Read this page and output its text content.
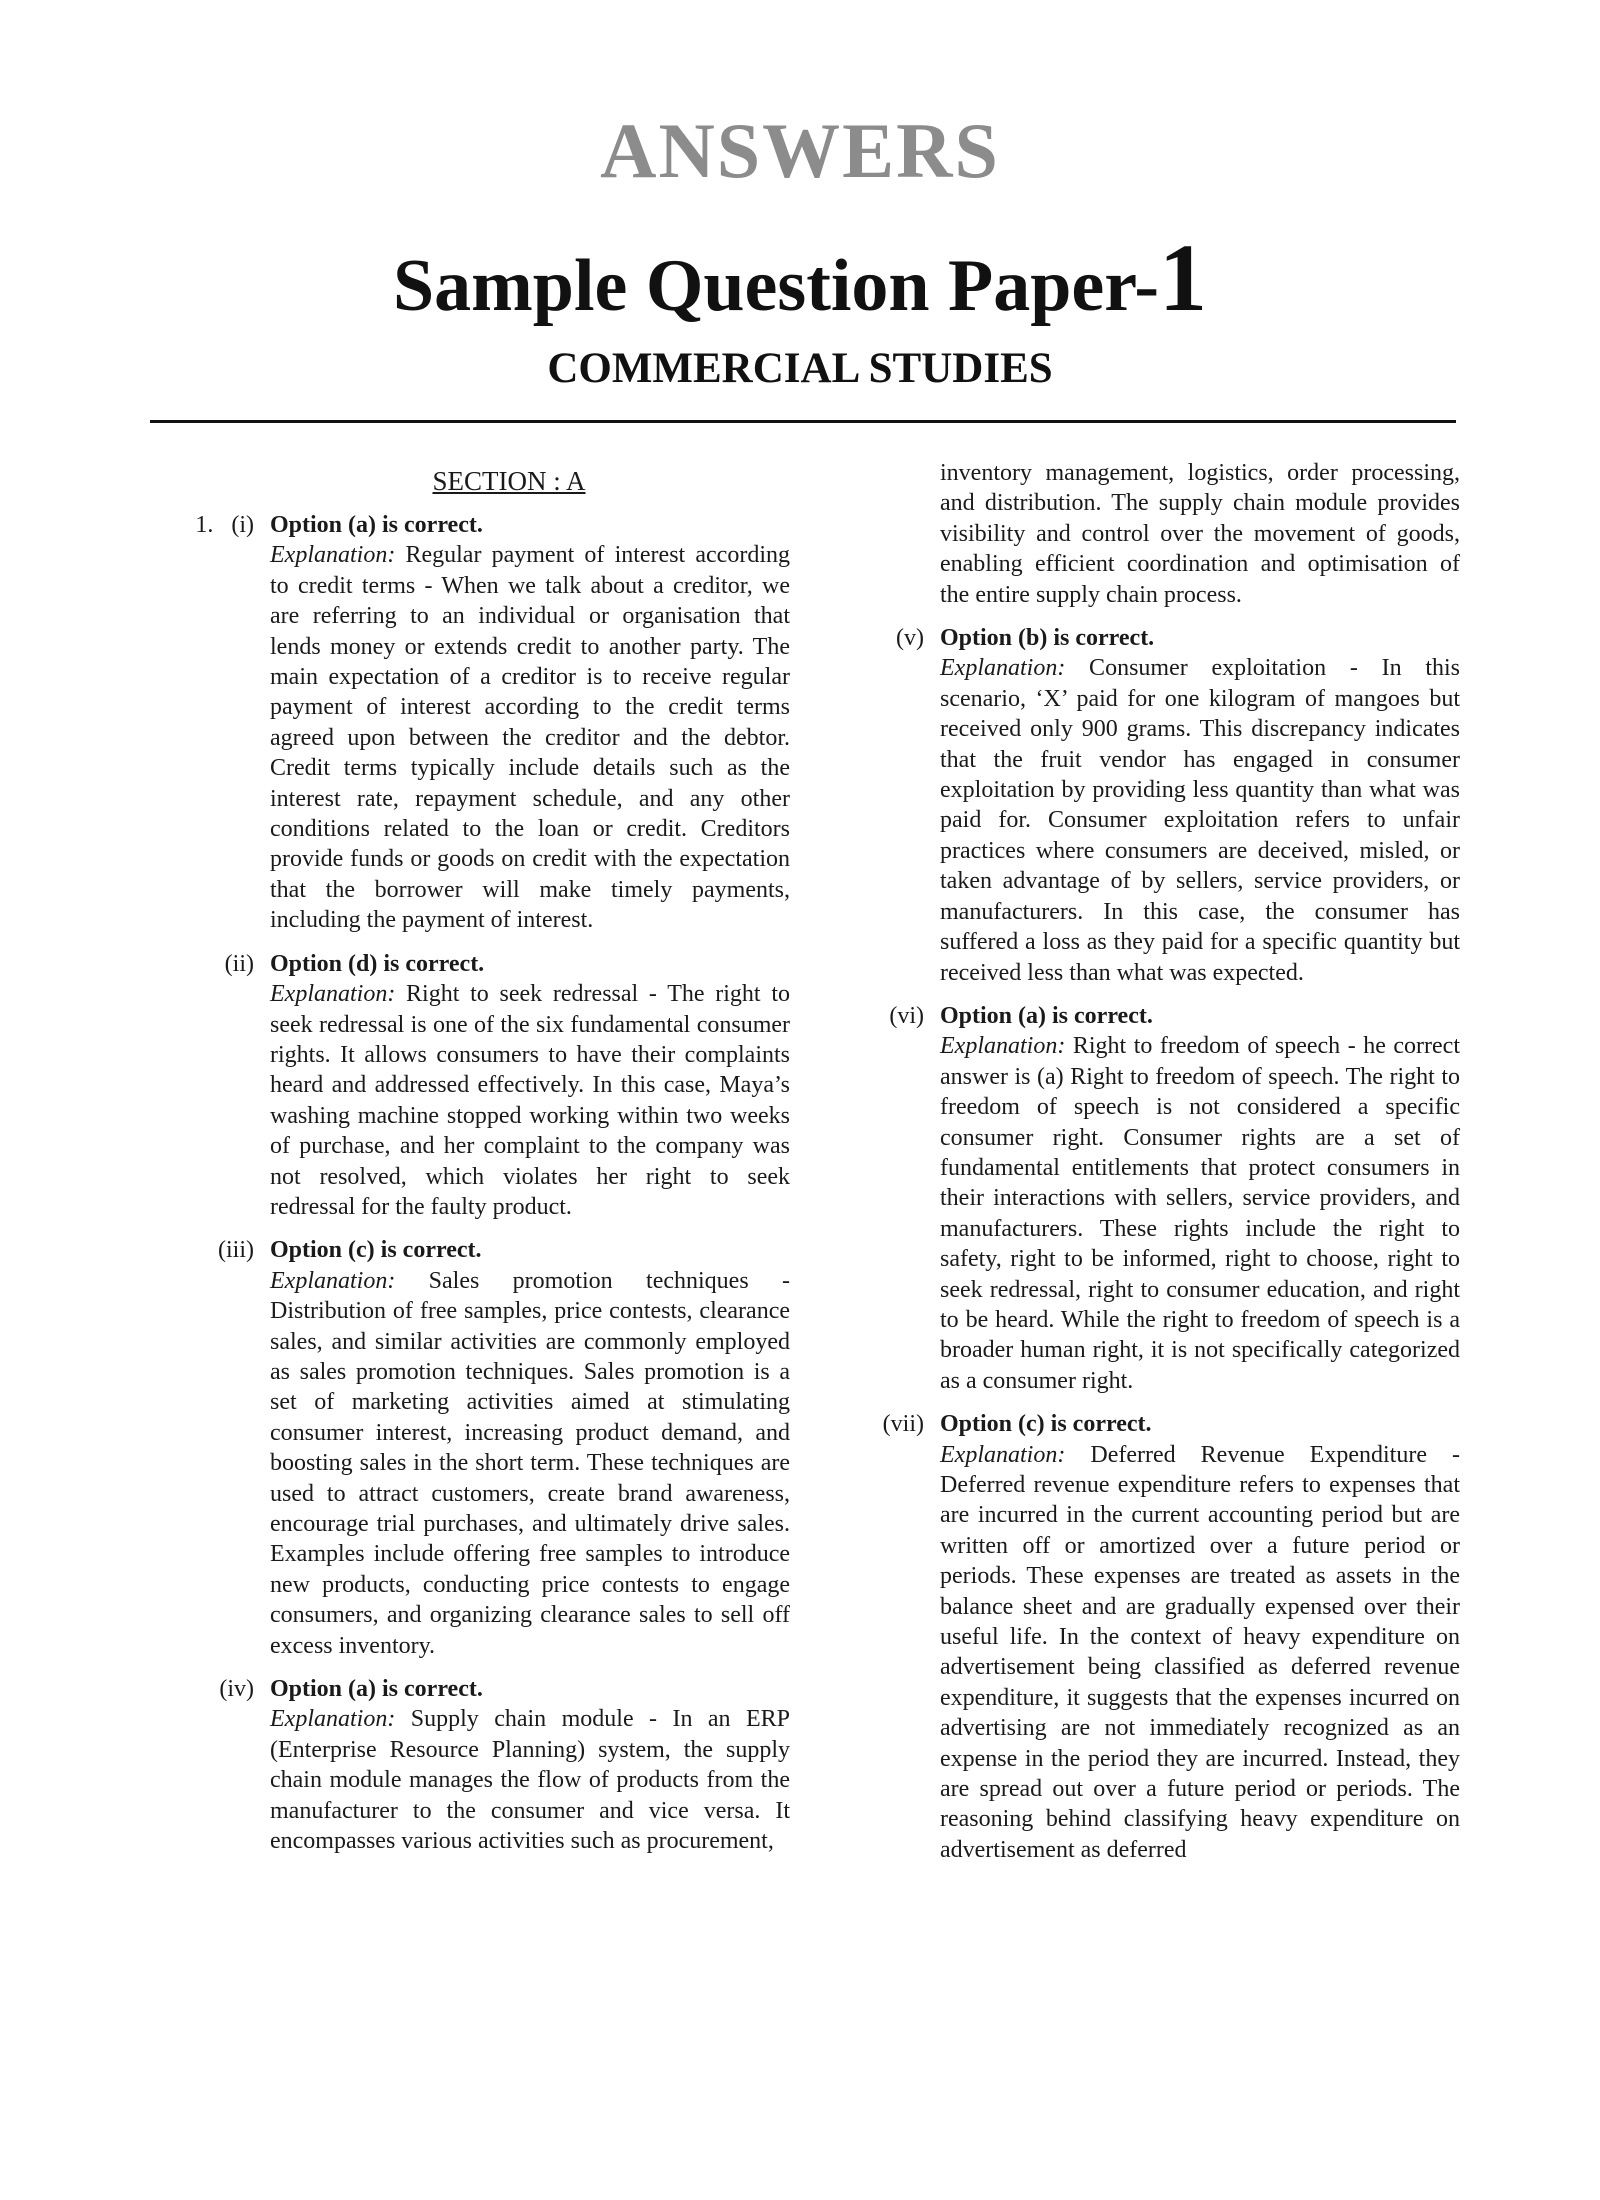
ANSWERS
Sample Question Paper-1
COMMERCIAL STUDIES
SECTION : A
1.   (i) Option (a) is correct.
Explanation: Regular payment of interest according to credit terms - When we talk about a creditor, we are referring to an individual or organisation that lends money or extends credit to another party. The main expectation of a creditor is to receive regular payment of interest according to the credit terms agreed upon between the creditor and the debtor. Credit terms typically include details such as the interest rate, repayment schedule, and any other conditions related to the loan or credit. Creditors provide funds or goods on credit with the expectation that the borrower will make timely payments, including the payment of interest.
(ii) Option (d) is correct.
Explanation: Right to seek redressal - The right to seek redressal is one of the six fundamental consumer rights. It allows consumers to have their complaints heard and addressed effectively. In this case, Maya’s washing machine stopped working within two weeks of purchase, and her complaint to the company was not resolved, which violates her right to seek redressal for the faulty product.
(iii) Option (c) is correct.
Explanation: Sales promotion techniques - Distribution of free samples, price contests, clearance sales, and similar activities are commonly employed as sales promotion techniques. Sales promotion is a set of marketing activities aimed at stimulating consumer interest, increasing product demand, and boosting sales in the short term. These techniques are used to attract customers, create brand awareness, encourage trial purchases, and ultimately drive sales. Examples include offering free samples to introduce new products, conducting price contests to engage consumers, and organizing clearance sales to sell off excess inventory.
(iv) Option (a) is correct.
Explanation: Supply chain module - In an ERP (Enterprise Resource Planning) system, the supply chain module manages the flow of products from the manufacturer to the consumer and vice versa. It encompasses various activities such as procurement,
inventory management, logistics, order processing, and distribution. The supply chain module provides visibility and control over the movement of goods, enabling efficient coordination and optimisation of the entire supply chain process.
(v) Option (b) is correct.
Explanation: Consumer exploitation - In this scenario, ‘X’ paid for one kilogram of mangoes but received only 900 grams. This discrepancy indicates that the fruit vendor has engaged in consumer exploitation by providing less quantity than what was paid for. Consumer exploitation refers to unfair practices where consumers are deceived, misled, or taken advantage of by sellers, service providers, or manufacturers. In this case, the consumer has suffered a loss as they paid for a specific quantity but received less than what was expected.
(vi) Option (a) is correct.
Explanation: Right to freedom of speech - he correct answer is (a) Right to freedom of speech. The right to freedom of speech is not considered a specific consumer right. Consumer rights are a set of fundamental entitlements that protect consumers in their interactions with sellers, service providers, and manufacturers. These rights include the right to safety, right to be informed, right to choose, right to seek redressal, right to consumer education, and right to be heard. While the right to freedom of speech is a broader human right, it is not specifically categorized as a consumer right.
(vii) Option (c) is correct.
Explanation: Deferred Revenue Expenditure - Deferred revenue expenditure refers to expenses that are incurred in the current accounting period but are written off or amortized over a future period or periods. These expenses are treated as assets in the balance sheet and are gradually expensed over their useful life. In the context of heavy expenditure on advertisement being classified as deferred revenue expenditure, it suggests that the expenses incurred on advertising are not immediately recognized as an expense in the period they are incurred. Instead, they are spread out over a future period or periods. The reasoning behind classifying heavy expenditure on advertisement as deferred
